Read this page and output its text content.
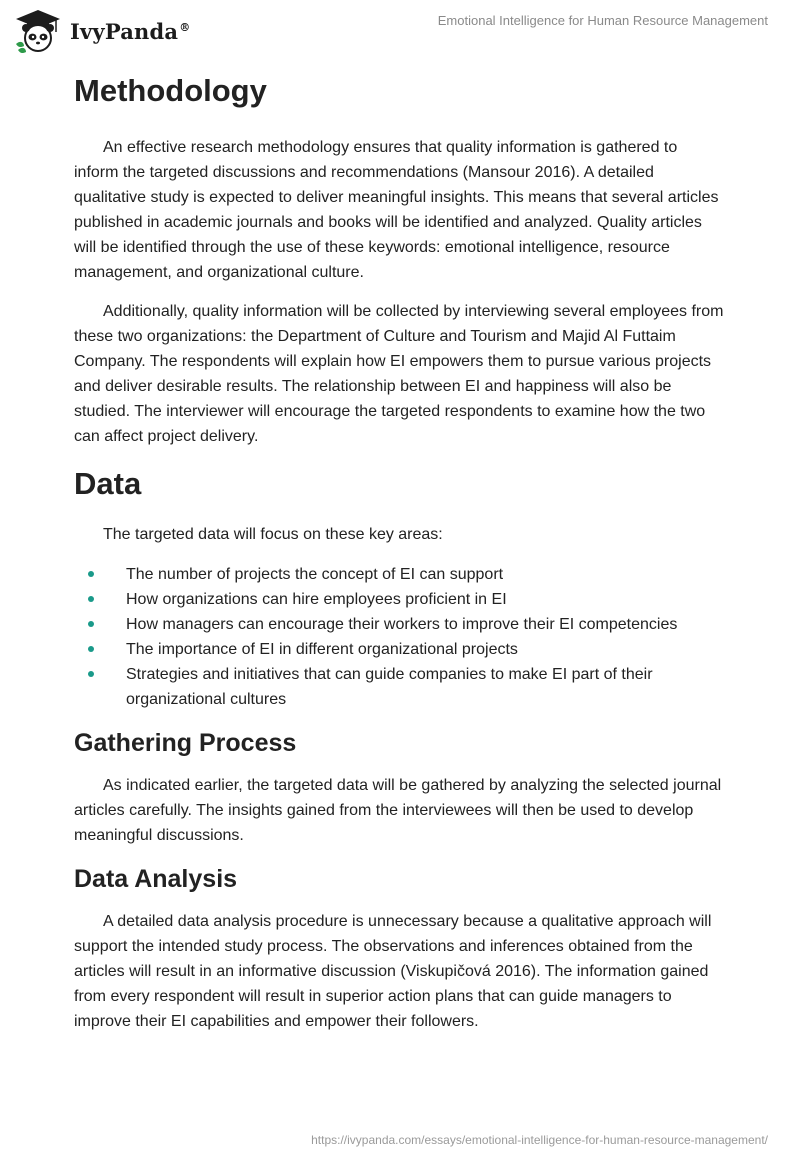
IvyPanda®	Emotional Intelligence for Human Resource Management
Methodology

An effective research methodology ensures that quality information is gathered to inform the targeted discussions and recommendations (Mansour 2016). A detailed qualitative study is expected to deliver meaningful insights. This means that several articles published in academic journals and books will be identified and analyzed. Quality articles will be identified through the use of these keywords: emotional intelligence, resource management, and organizational culture.

Additionally, quality information will be collected by interviewing several employees from these two organizations: the Department of Culture and Tourism and Majid Al Futtaim Company. The respondents will explain how EI empowers them to pursue various projects and deliver desirable results. The relationship between EI and happiness will also be studied. The interviewer will encourage the targeted respondents to examine how the two can affect project delivery.

Data

The targeted data will focus on these key areas:

The number of projects the concept of EI can support
How organizations can hire employees proficient in EI
How managers can encourage their workers to improve their EI competencies
The importance of EI in different organizational projects
Strategies and initiatives that can guide companies to make EI part of their organizational cultures
Gathering Process

As indicated earlier, the targeted data will be gathered by analyzing the selected journal articles carefully. The insights gained from the interviewees will then be used to develop meaningful discussions.

Data Analysis

A detailed data analysis procedure is unnecessary because a qualitative approach will support the intended study process. The observations and inferences obtained from the articles will result in an informative discussion (Viskupičová 2016). The information gained from every respondent will result in superior action plans that can guide managers to improve their EI capabilities and empower their followers.

https://ivypanda.com/essays/emotional-intelligence-for-human-resource-management/
